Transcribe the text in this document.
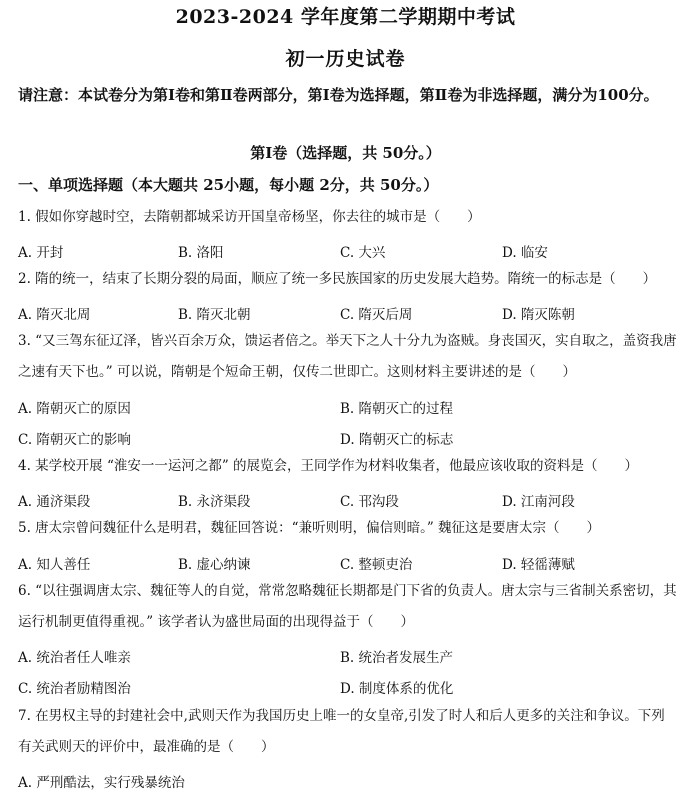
2023-2024 学年度第二学期期中考试
初一历史试卷
请注意：本试卷分为第Ⅰ卷和第Ⅱ卷两部分，第Ⅰ卷为选择题，第Ⅱ卷为非选择题，满分为100分。
第Ⅰ卷（选择题，共 50分。）
一、单项选择题（本大题共 25小题，每小题 2分，共 50分。）
1. 假如你穿越时空，去隋朝都城采访开国皇帝杨坚，你去往的城市是（　　）
A. 开封	B. 洛阳	C. 大兴	D. 临安
2. 隋的统一，结束了长期分裂的局面，顺应了统一多民族国家的历史发展大趋势。隋统一的标志是（　　）
A. 隋灭北周	B. 隋灭北朝	C. 隋灭后周	D. 隋灭陈朝
3. “又三驾东征辽泽，皆兴百余万众，馈运者倍之。举天下之人十分九为盗贼。身丧国灭，实自取之，盖资我唐之速有天下也。” 可以说，隋朝是个短命王朝，仅传二世即亡。这则材料主要讲述的是（　　）
A. 隋朝灭亡的原因	B. 隋朝灭亡的过程
C. 隋朝灭亡的影响	D. 隋朝灭亡的标志
4. 某学校开展 “淮安一一运河之都” 的展览会，王同学作为材料收集者，他最应该收取的资料是（　　）
A. 通济渠段	B. 永济渠段	C. 邗沟段	D. 江南河段
5. 唐太宗曾问魏征什么是明君，魏征回答说：“兼听则明，偏信则暗。” 魏征这是要唐太宗（　　）
A. 知人善任	B. 虚心纳谏	C. 整顿吏治	D. 轻徭薄赋
6. “以往强调唐太宗、魏征等人的自觉，常常忽略魏征长期都是门下省的负责人。唐太宗与三省制关系密切，其运行机制更值得重视。” 该学者认为盛世局面的出现得益于（　　）
A. 统治者任人唯亲	B. 统治者发展生产
C. 统治者励精图治	D. 制度体系的优化
7. 在男权主导的封建社会中,武则天作为我国历史上唯一的女皇帝,引发了时人和后人更多的关注和争议。下列有关武则天的评价中，最准确的是（　　）
A. 严刑酷法，实行残暴统治
